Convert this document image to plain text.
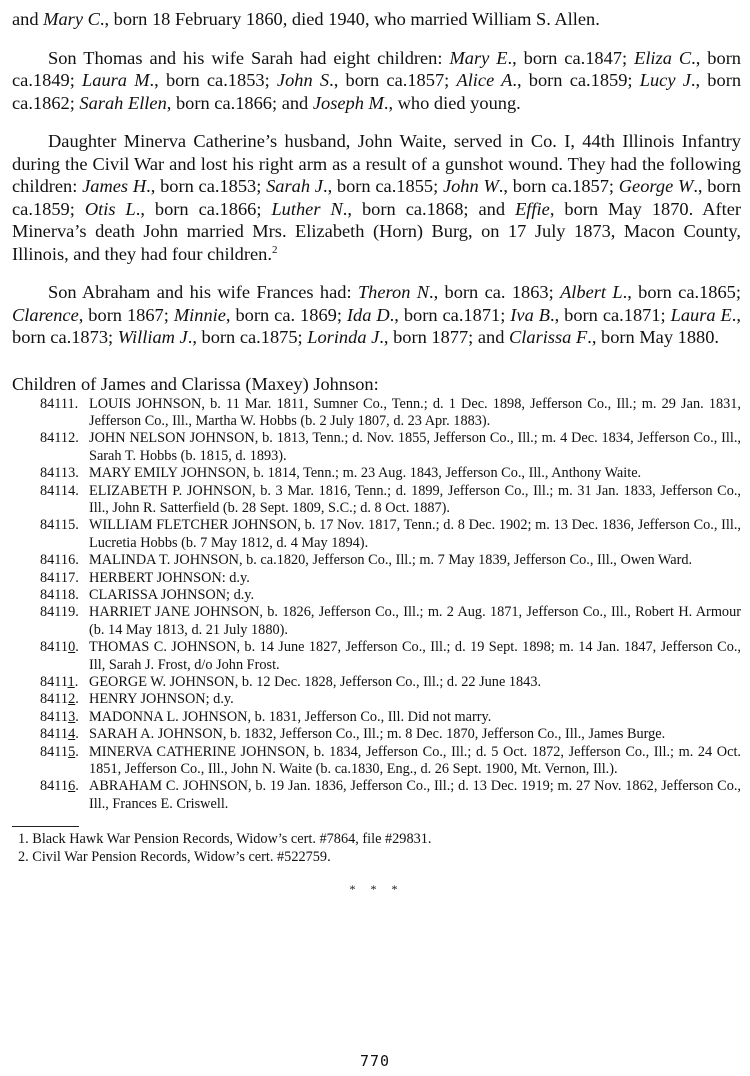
and Mary C., born 18 February 1860, died 1940, who married William S. Allen.

Son Thomas and his wife Sarah had eight children: Mary E., born ca.1847; Eliza C., born ca.1849; Laura M., born ca.1853; John S., born ca.1857; Alice A., born ca.1859; Lucy J., born ca.1862; Sarah Ellen, born ca.1866; and Joseph M., who died young.

Daughter Minerva Catherine’s husband, John Waite, served in Co. I, 44th Illinois Infantry during the Civil War and lost his right arm as a result of a gunshot wound. They had the following children: James H., born ca.1853; Sarah J., born ca.1855; John W., born ca.1857; George W., born ca.1859; Otis L., born ca.1866; Luther N., born ca.1868; and Effie, born May 1870. After Minerva’s death John married Mrs. Elizabeth (Horn) Burg, on 17 July 1873, Macon County, Illinois, and they had four children.$^2$

Son Abraham and his wife Frances had: Theron N., born ca. 1863; Albert L., born ca.1865; Clarence, born 1867; Minnie, born ca. 1869; Ida D., born ca.1871; Iva B., born ca.1871; Laura E., born ca.1873; William J., born ca.1875; Lorinda J., born 1877; and Clarissa F., born May 1880.

Children of James and Clarissa (Maxey) Johnson:
84111. LOUIS JOHNSON, b. 11 Mar. 1811, Sumner Co., Tenn.; d. 1 Dec. 1898, Jefferson Co., Ill.; m. 29 Jan. 1831, Jefferson Co., Ill., Martha W. Hobbs (b. 2 July 1807, d. 23 Apr. 1883).
84112. JOHN NELSON JOHNSON, b. 1813, Tenn.; d. Nov. 1855, Jefferson Co., Ill.; m. 4 Dec. 1834, Jefferson Co., Ill., Sarah T. Hobbs (b. 1815, d. 1893).
84113. MARY EMILY JOHNSON, b. 1814, Tenn.; m. 23 Aug. 1843, Jefferson Co., Ill., Anthony Waite.
84114. ELIZABETH P. JOHNSON, b. 3 Mar. 1816, Tenn.; d. 1899, Jefferson Co., Ill.; m. 31 Jan. 1833, Jefferson Co., Ill., John R. Satterfield (b. 28 Sept. 1809, S.C.; d. 8 Oct. 1887).
84115. WILLIAM FLETCHER JOHNSON, b. 17 Nov. 1817, Tenn.; d. 8 Dec. 1902; m. 13 Dec. 1836, Jefferson Co., Ill., Lucretia Hobbs (b. 7 May 1812, d. 4 May 1894).
84116. MALINDA T. JOHNSON, b. ca.1820, Jefferson Co., Ill.; m. 7 May 1839, Jefferson Co., Ill., Owen Ward.
84117. HERBERT JOHNSON: d.y.
84118. CLARISSA JOHNSON; d.y.
84119. HARRIET JANE JOHNSON, b. 1826, Jefferson Co., Ill.; m. 2 Aug. 1871, Jefferson Co., Ill., Robert H. Armour (b. 14 May 1813, d. 21 July 1880).
84110. THOMAS C. JOHNSON, b. 14 June 1827, Jefferson Co., Ill.; d. 19 Sept. 1898; m. 14 Jan. 1847, Jefferson Co., Ill, Sarah J. Frost, d/o John Frost.
84111. GEORGE W. JOHNSON, b. 12 Dec. 1828, Jefferson Co., Ill.; d. 22 June 1843.
84112. HENRY JOHNSON; d.y.
84113. MADONNA L. JOHNSON, b. 1831, Jefferson Co., Ill. Did not marry.
84114. SARAH A. JOHNSON, b. 1832, Jefferson Co., Ill.; m. 8 Dec. 1870, Jefferson Co., Ill., James Burge.
84115. MINERVA CATHERINE JOHNSON, b. 1834, Jefferson Co., Ill.; d. 5 Oct. 1872, Jefferson Co., Ill.; m. 24 Oct. 1851, Jefferson Co., Ill., John N. Waite (b. ca.1830, Eng., d. 26 Sept. 1900, Mt. Vernon, Ill.).
84116. ABRAHAM C. JOHNSON, b. 19 Jan. 1836, Jefferson Co., Ill.; d. 13 Dec. 1919; m. 27 Nov. 1862, Jefferson Co., Ill., Frances E. Criswell.
1. Black Hawk War Pension Records, Widow’s cert. #7864, file #29831.
2. Civil War Pension Records, Widow’s cert. #522759.
* * *
770
